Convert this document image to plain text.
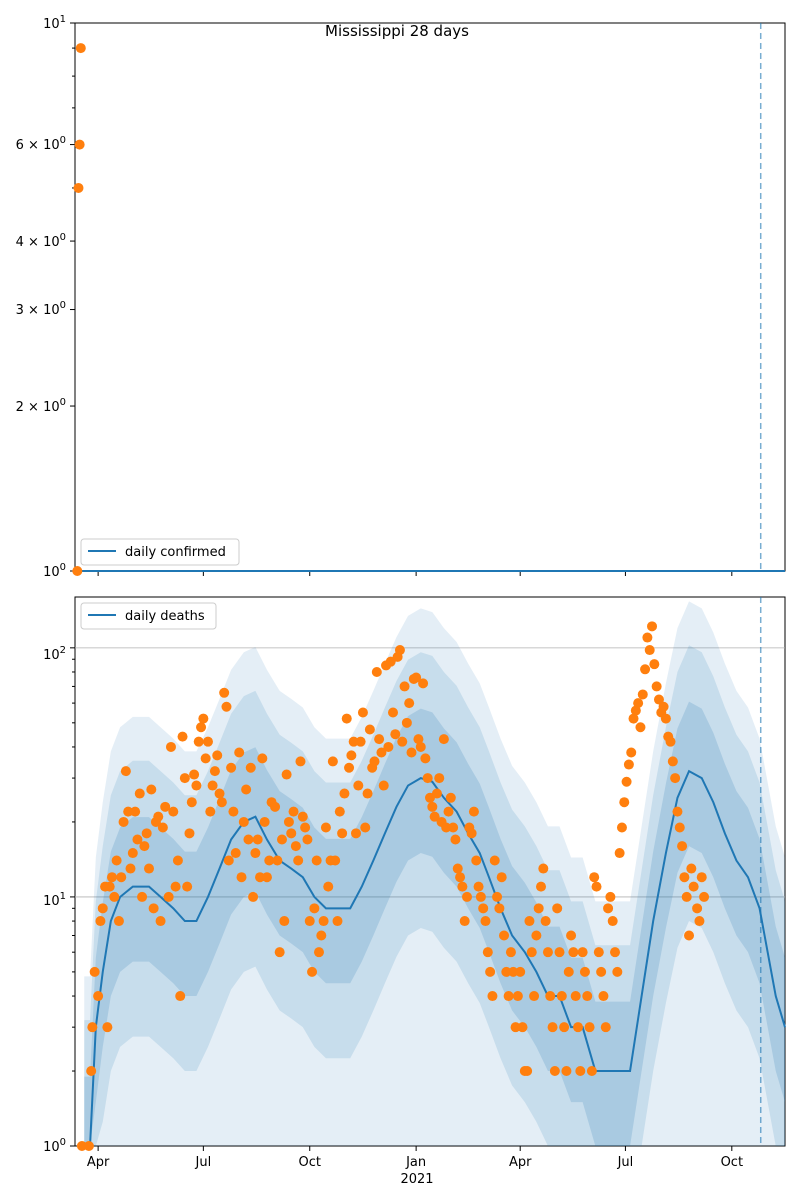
Mississippi 28 days
$10^1$
$6 \times 10^0$
$4 \times 10^0$
$3 \times 10^0$
$2 \times 10^0$
$10^0$
daily confirmed
Apr	Jul	Oct	Jan	Apr	Jul	Oct
$10^2$
$10^1$
$10^0$
2021
daily deaths
